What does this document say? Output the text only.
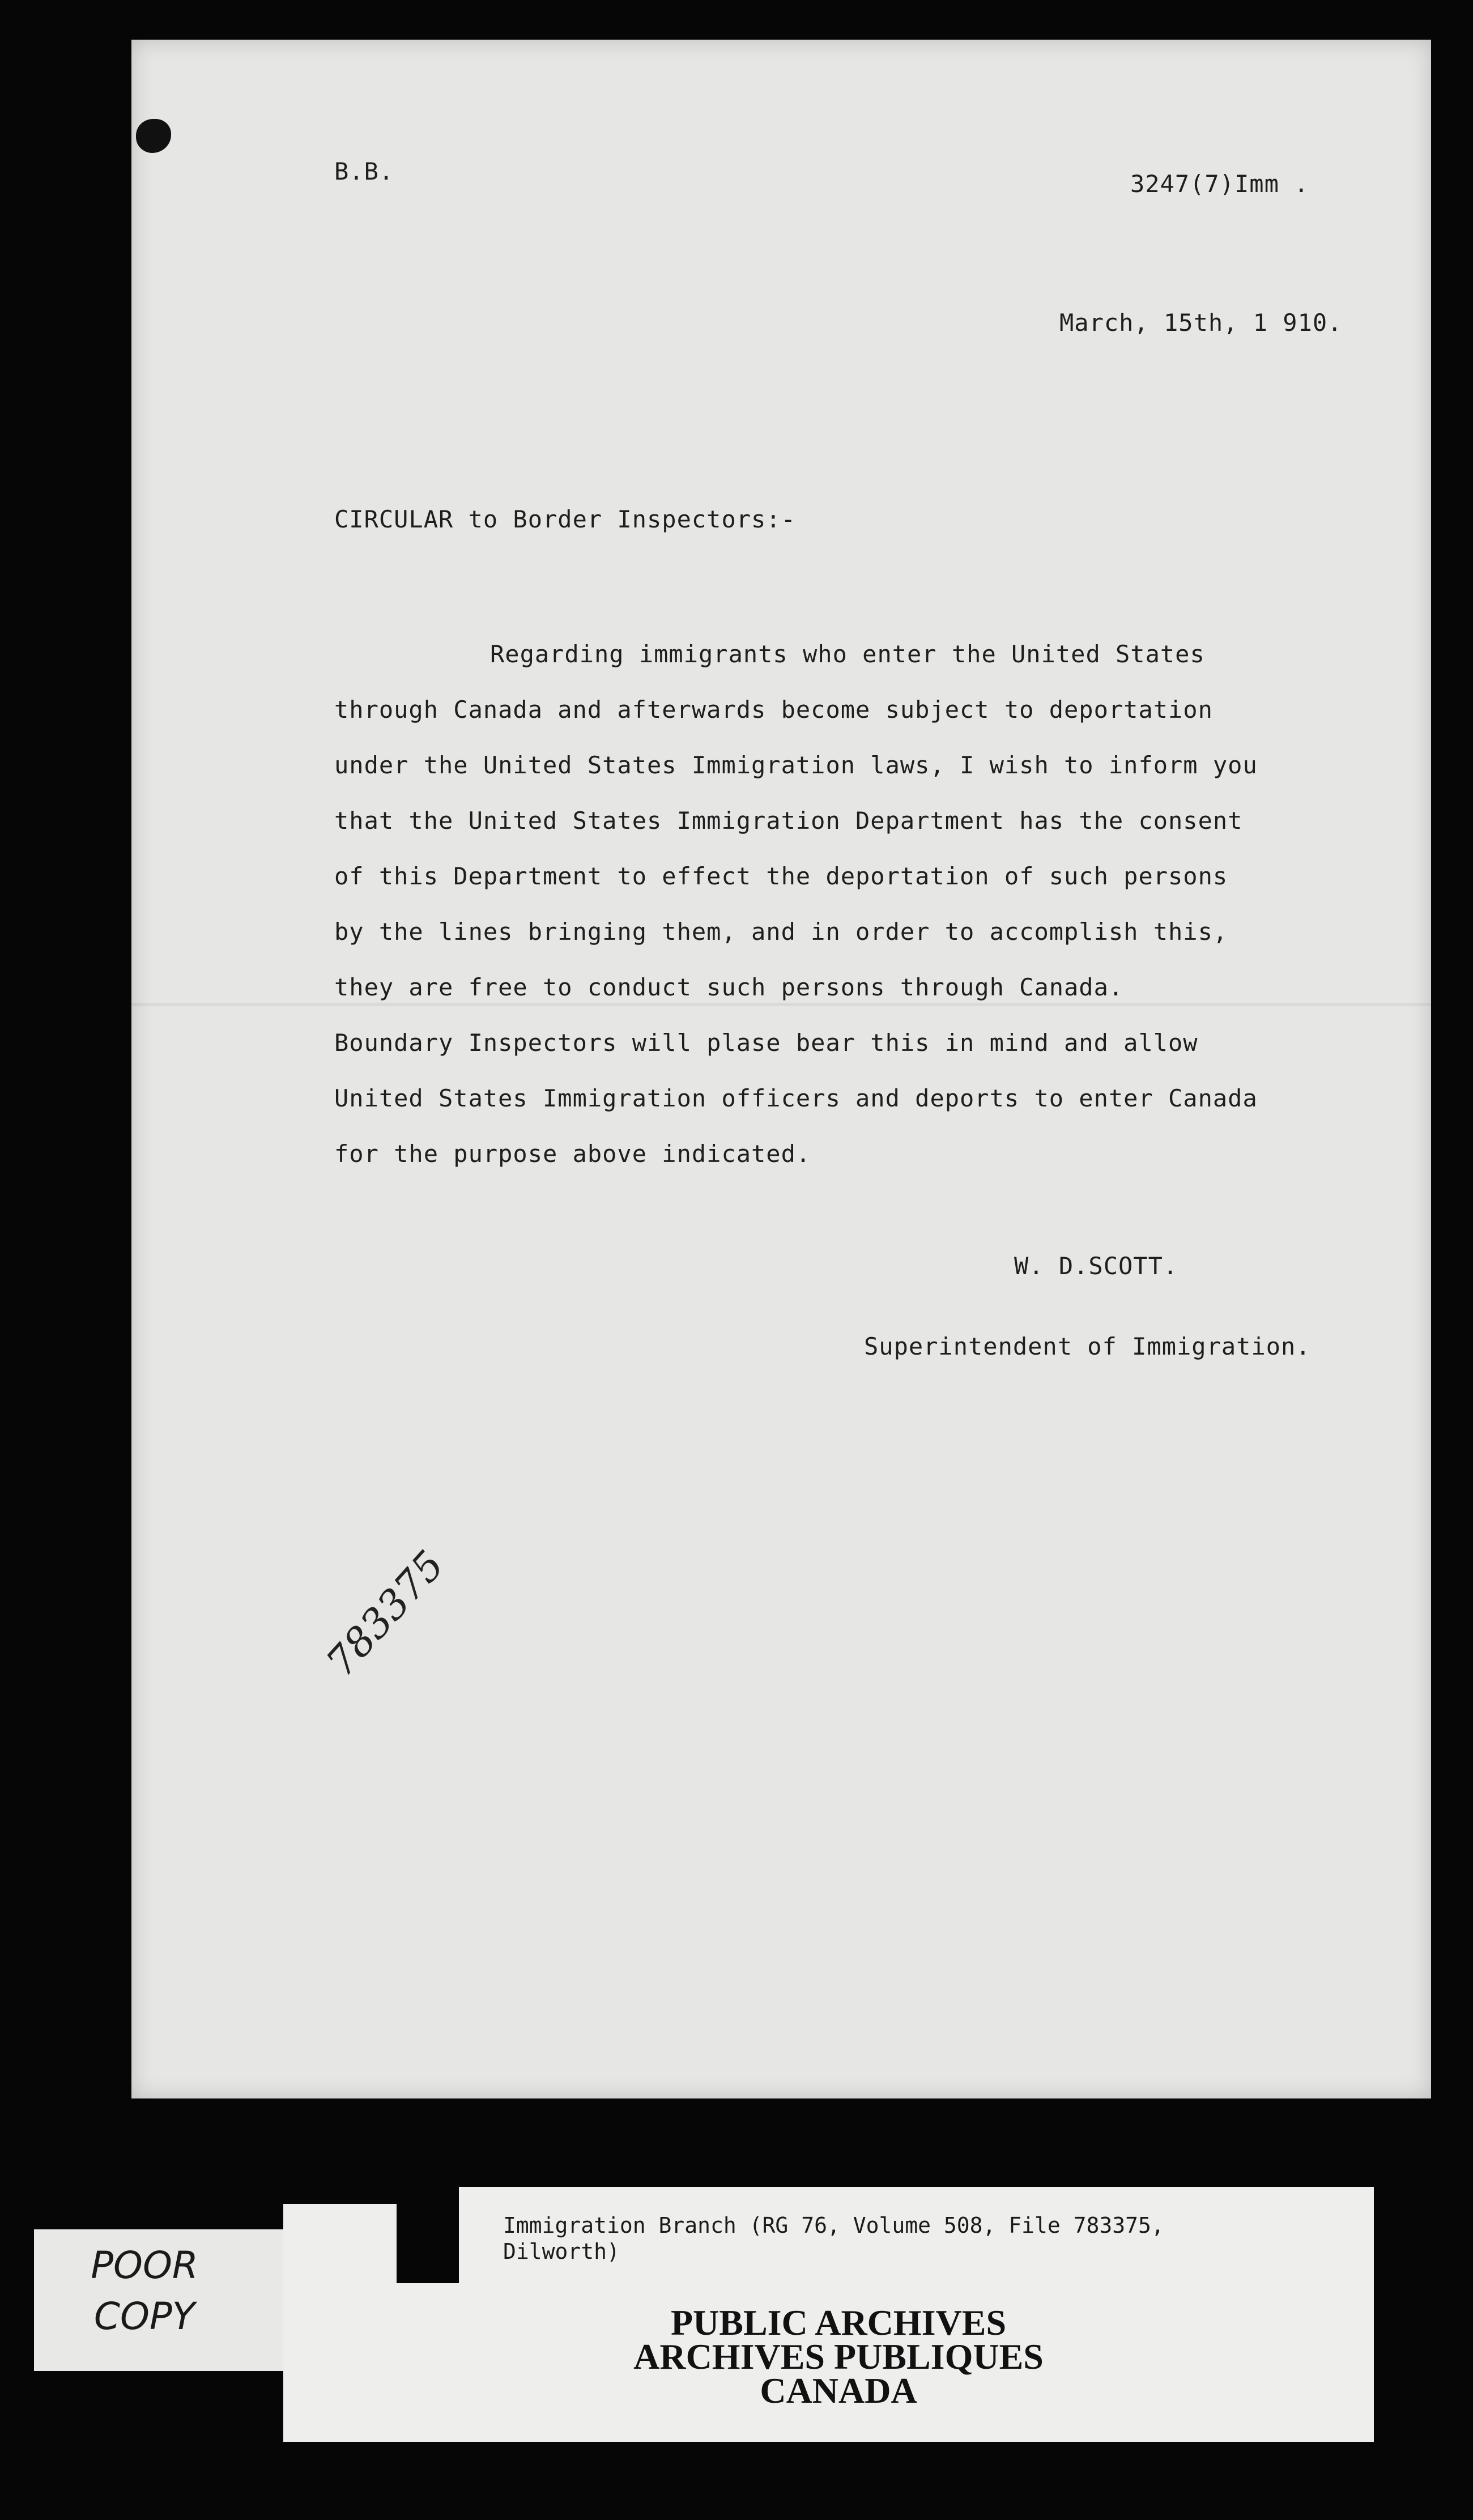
B.B.	3247(7)Imm .
March, 15th, 1 910.
CIRCULAR to Border Inspectors:-
Regarding immigrants who enter the United States
through Canada and afterwards become subject to deportation
under the United States Immigration laws, I wish to inform you
that the United States Immigration Department has the consent
of this Department to effect the deportation of such persons
by the lines bringing them, and in order to accomplish this,
they are free to conduct such persons through Canada.
Boundary Inspectors will plase bear this in mind and allow
United States Immigration officers and deports to enter Canada
for the purpose above indicated.
W. D.SCOTT.
Superintendent of Immigration.
783375
POOR
COPY
Immigration Branch (RG 76, Volume 508, File 783375,
Dilworth)
PUBLIC ARCHIVES
ARCHIVES PUBLIQUES
CANADA
